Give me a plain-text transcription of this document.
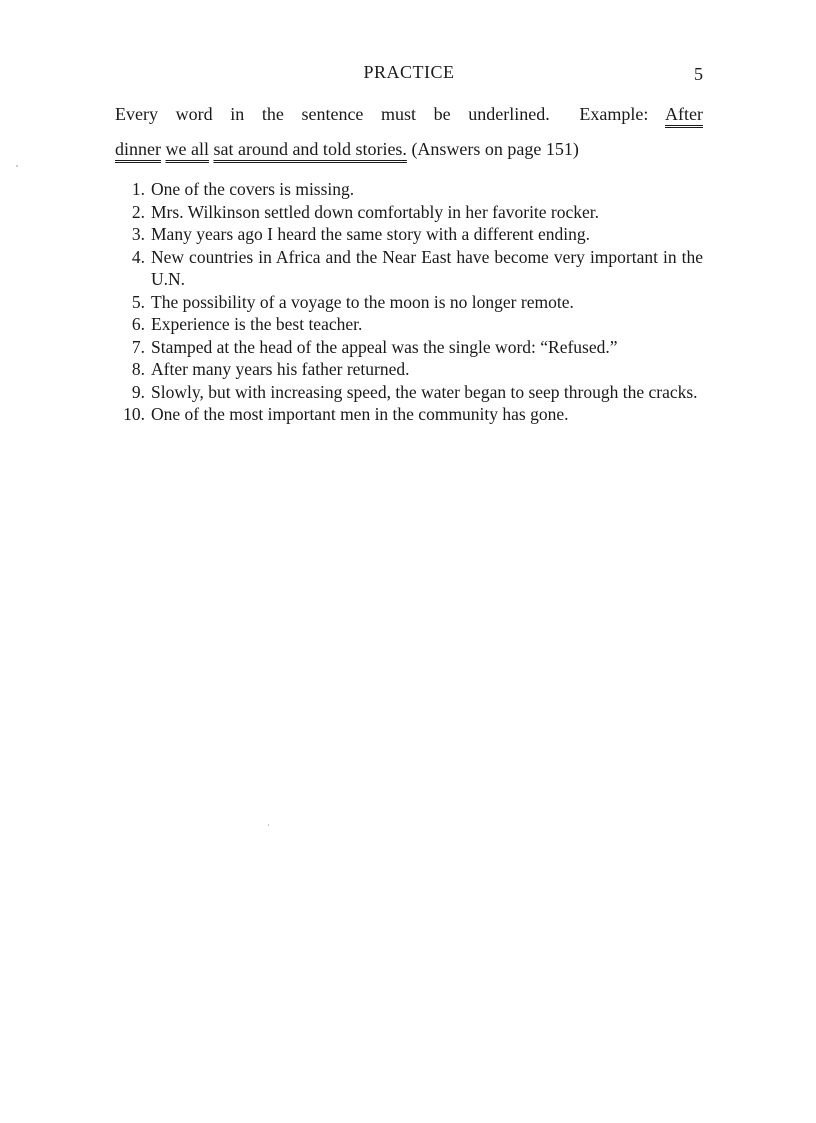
PRACTICE	5
Every word in the sentence must be underlined. Example: After
dinner we all sat around and told stories. (Answers on page 151)
1. One of the covers is missing.
2. Mrs. Wilkinson settled down comfortably in her favorite rocker.
3. Many years ago I heard the same story with a different ending.
4. New countries in Africa and the Near East have become very important in the U.N.
5. The possibility of a voyage to the moon is no longer remote.
6. Experience is the best teacher.
7. Stamped at the head of the appeal was the single word: “Refused.”
8. After many years his father returned.
9. Slowly, but with increasing speed, the water began to seep through the cracks.
10. One of the most important men in the community has gone.
